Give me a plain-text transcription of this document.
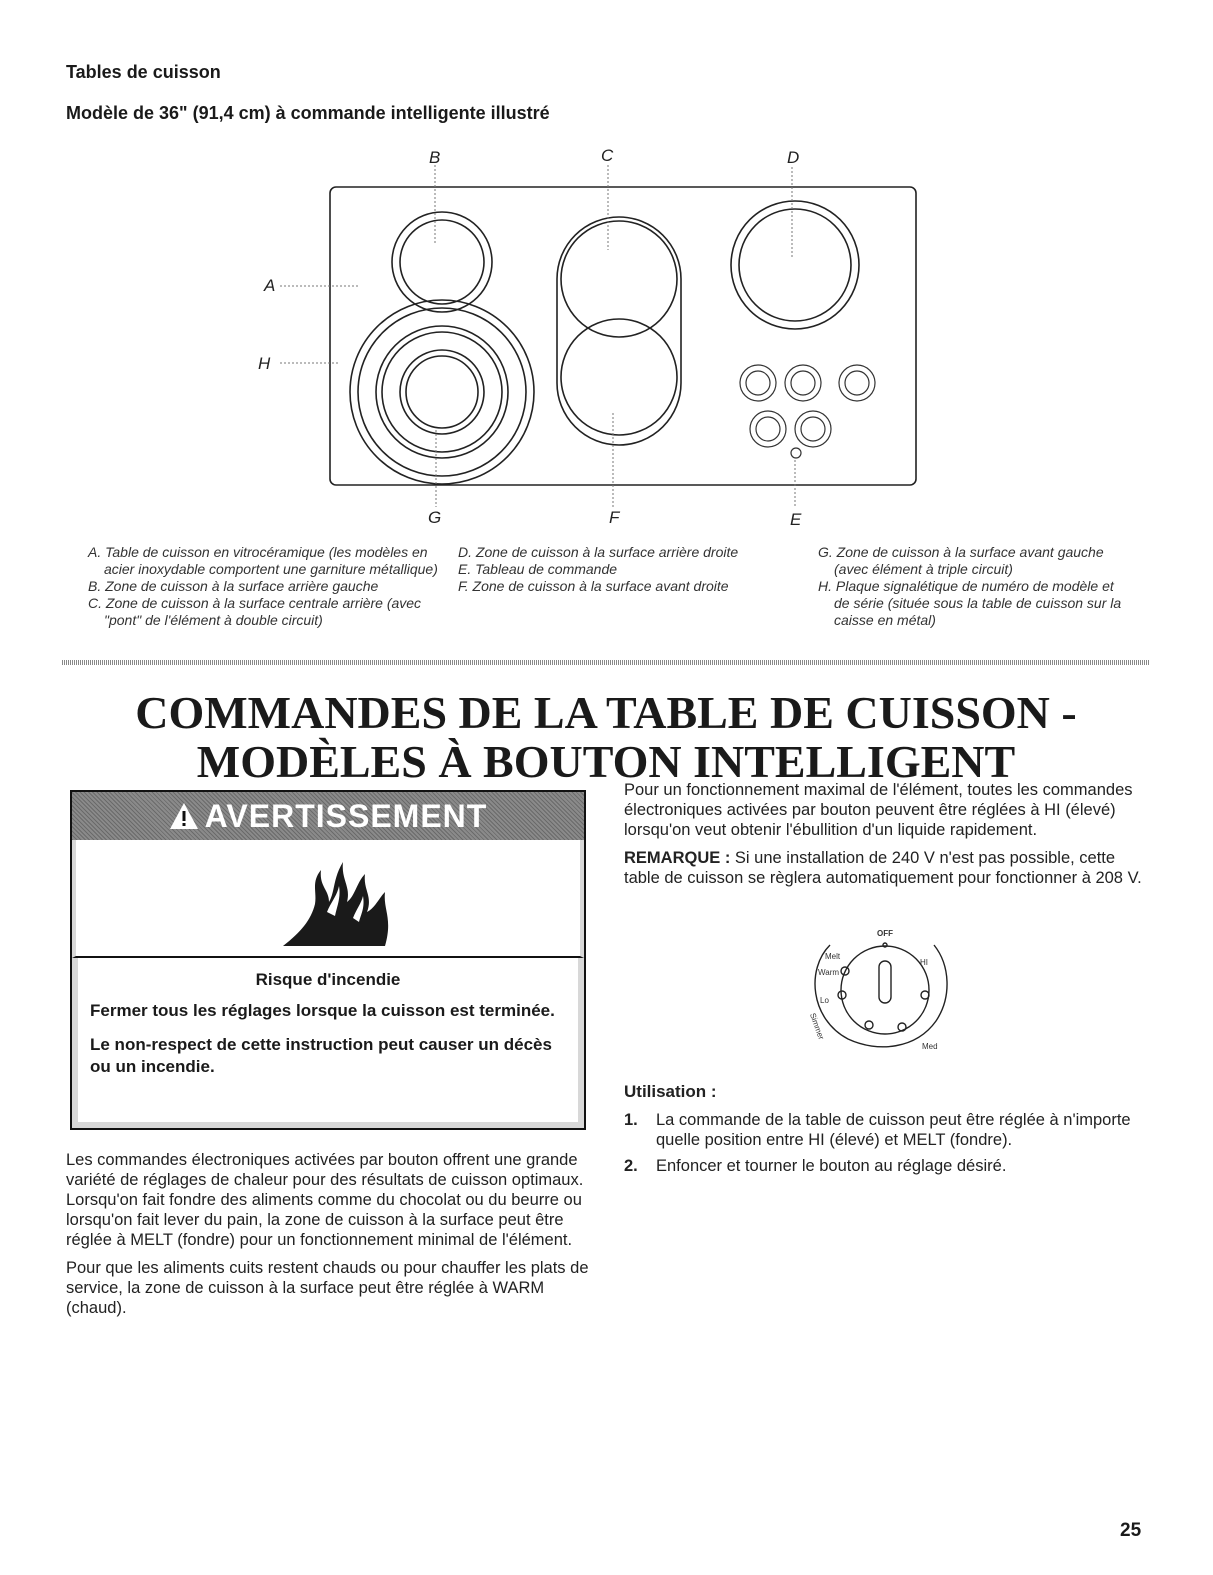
Tables de cuisson
Modèle de 36" (91,4 cm) à commande intelligente illustré
B	C	D
A
H
G	F	E

A. Table de cuisson en vitrocéramique (les modèles en acier inoxydable comportent une garniture métallique)

B. Zone de cuisson à la surface arrière gauche

C. Zone de cuisson à la surface centrale arrière (avec "pont" de l'élément à double circuit)

D. Zone de cuisson à la surface arrière droite

E. Tableau de commande

F. Zone de cuisson à la surface avant droite

G. Zone de cuisson à la surface avant gauche (avec élément à triple circuit)

H. Plaque signalétique de numéro de modèle et de série (située sous la table de cuisson sur la caisse en métal)

COMMANDES DE LA TABLE DE CUISSON - MODÈLES À BOUTON INTELLIGENT
AVERTISSEMENT
Risque d'incendie

Fermer tous les réglages lorsque la cuisson est terminée.

Le non-respect de cette instruction peut causer un décès ou un incendie.

Les commandes électroniques activées par bouton offrent une grande variété de réglages de chaleur pour des résultats de cuisson optimaux. Lorsqu'on fait fondre des aliments comme du chocolat ou du beurre ou lorsqu'on fait lever du pain, la zone de cuisson à la surface peut être réglée à MELT (fondre) pour un fonctionnement minimal de l'élément.

Pour que les aliments cuits restent chauds ou pour chauffer les plats de service, la zone de cuisson à la surface peut être réglée à WARM (chaud).

Pour un fonctionnement maximal de l'élément, toutes les commandes électroniques activées par bouton peuvent être réglées à HI (élevé) lorsqu'on veut obtenir l'ébullition d'un liquide rapidement.

REMARQUE : Si une installation de 240 V n'est pas possible, cette table de cuisson se règlera automatiquement pour fonctionner à 208 V.

OFF
Melt
Warm
Lo
Simmer
HI
Med

Utilisation :

1. La commande de la table de cuisson peut être réglée à n'importe quelle position entre HI (élevé) et MELT (fondre).
2. Enfoncer et tourner le bouton au réglage désiré.
25
